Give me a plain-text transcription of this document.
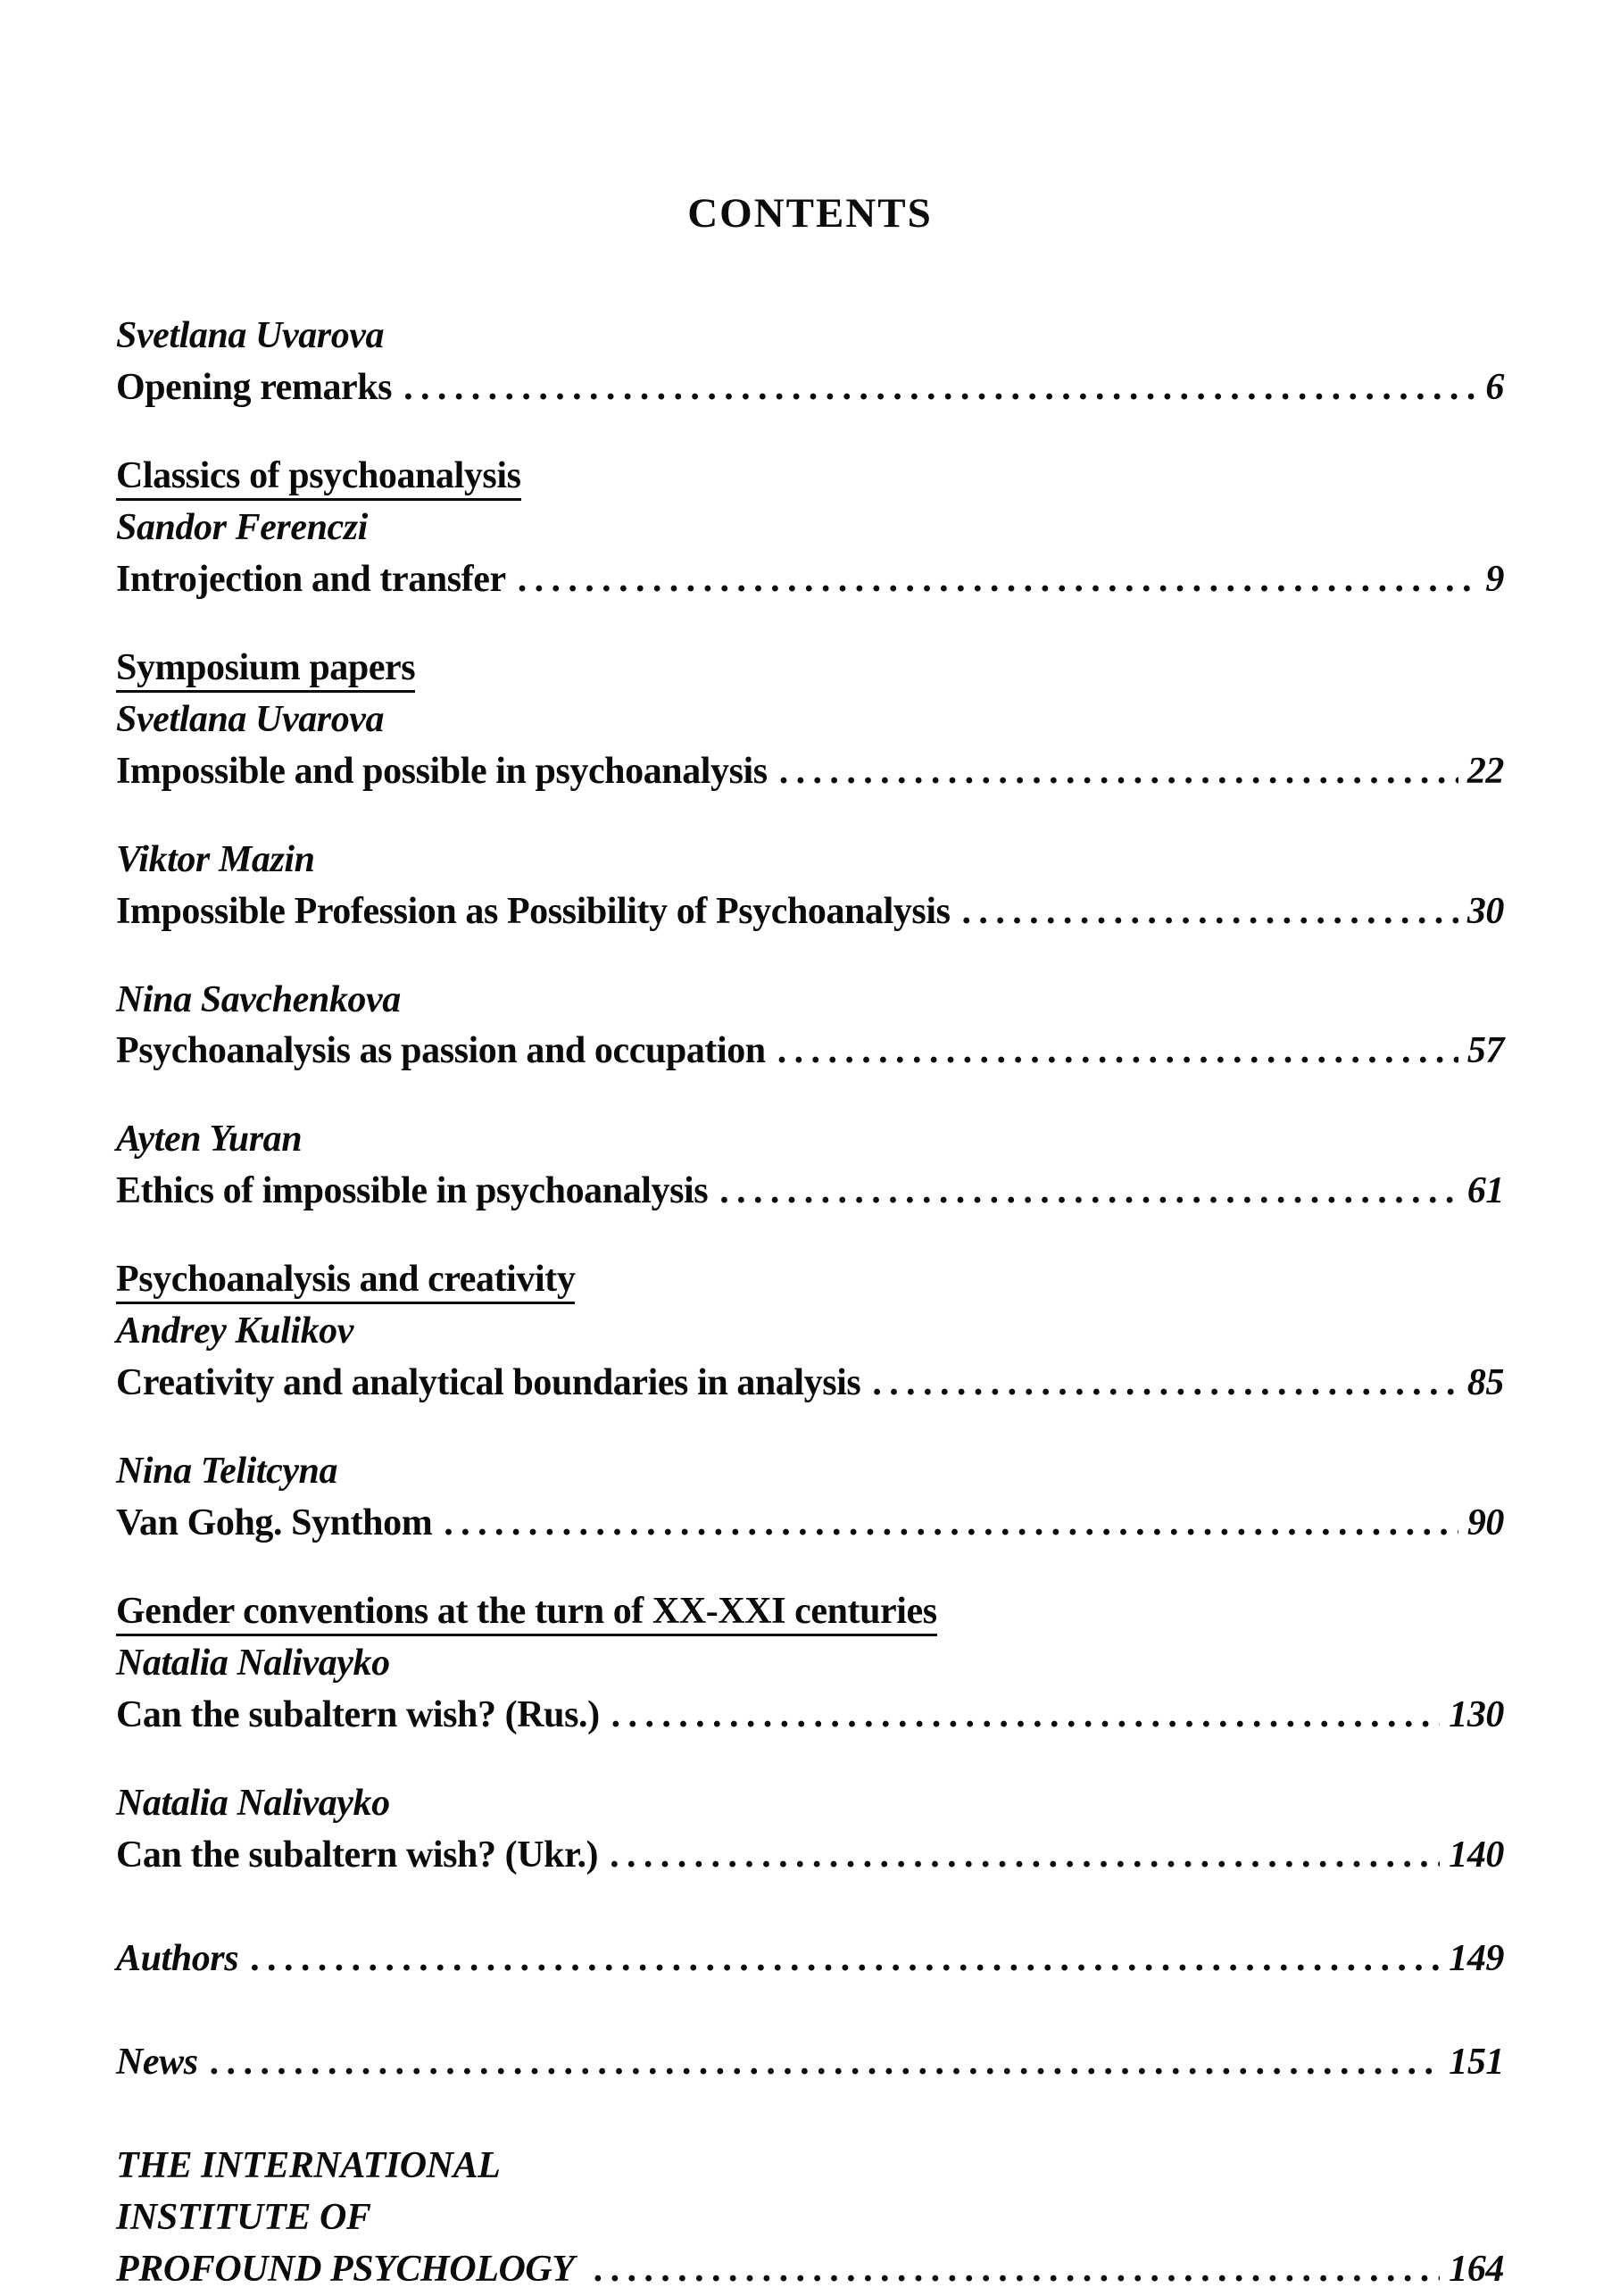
CONTENTS
Svetlana Uvarova
Opening remarks .....	6
Classics of psychoanalysis
Sandor Ferenczi
Introjection and transfer .....	9
Symposium papers
Svetlana Uvarova
Impossible and possible in psychoanalysis .....	22
Viktor Mazin
Impossible Profession as Possibility of Psychoanalysis .....	30
Nina Savchenkova
Psychoanalysis as passion and occupation .....	57
Ayten Yuran
Ethics of impossible in psychoanalysis .....	61
Psychoanalysis and creativity
Andrey Kulikov
Creativity and analytical boundaries in analysis .....	85
Nina Telitcyna
Van Gohg. Synthom .....	90
Gender conventions at the turn of XX-XXI centuries
Natalia Nalivayko
Can the subaltern wish? (Rus.) .....	130
Natalia Nalivayko
Can the subaltern wish? (Ukr.) .....	140
Authors .....	149
News .....	151
THE INTERNATIONAL INSTITUTE OF PROFOUND PSYCHOLOGY .....	164
